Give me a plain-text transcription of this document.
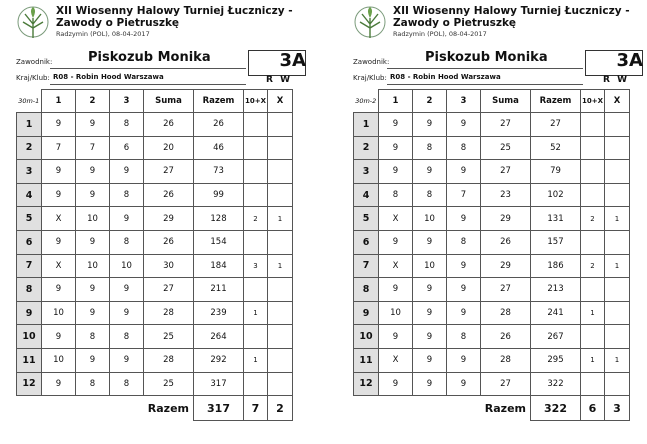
XII Wiosenny Halowy Turniej Łuczniczy - Zawody o Pietruszkę
Radzymin (POL), 08-04-2017
Zawodnik:	Piskozub Monika	3A
R W
Kraj/Klub: R08 - Robin Hood Warszawa
30m-1	1	2	3	Suma	Razem	10+X	X
1	9	9	8	26	26		
2	7	7	6	20	46		
3	9	9	9	27	73		
4	9	9	8	26	99		
5	X	10	9	29	128	2	1
6	9	9	8	26	154		
7	X	10	10	30	184	3	1
8	9	9	9	27	211		
9	10	9	9	28	239	1	
10	9	8	8	25	264		
11	10	9	9	28	292	1	
12	9	8	8	25	317		
Razem					317	7	2
XII Wiosenny Halowy Turniej Łuczniczy - Zawody o Pietruszkę
Radzymin (POL), 08-04-2017
Zawodnik:	Piskozub Monika	3A
R W
Kraj/Klub: R08 - Robin Hood Warszawa
30m-2	1	2	3	Suma	Razem	10+X	X
1	9	9	9	27	27		
2	9	8	8	25	52		
3	9	9	9	27	79		
4	8	8	7	23	102		
5	X	10	9	29	131	2	1
6	9	9	8	26	157		
7	X	10	9	29	186	2	1
8	9	9	9	27	213		
9	10	9	9	28	241	1	
10	9	9	8	26	267		
11	X	9	9	28	295	1	1
12	9	9	9	27	322		
Razem					322	6	3
